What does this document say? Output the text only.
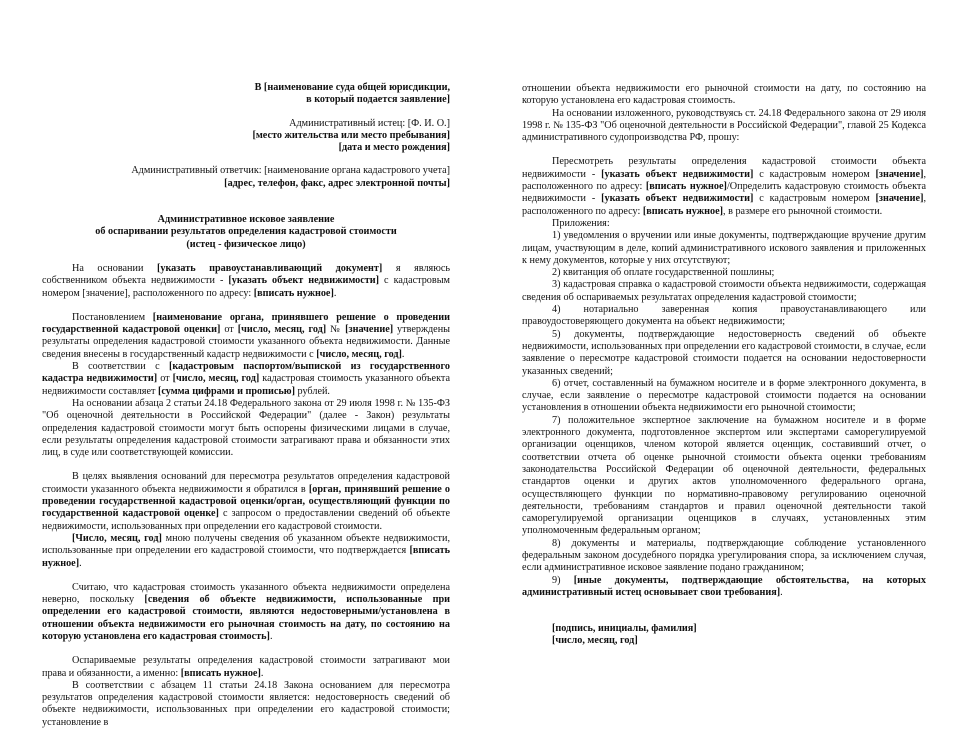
В [наименование суда общей юрисдикции,

в который подается заявление]

Административный истец: [Ф. И. О.]

[место жительства или место пребывания]

[дата и место рождения]

Административный ответчик: [наименование органа кадастрового учета]

[адрес, телефон, факс, адрес электронной почты]

Административное исковое заявление

об оспаривании результатов определения кадастровой стоимости

(истец - физическое лицо)

На основании [указать правоустанавливающий документ] я являюсь собственником объекта недвижимости - [указать объект недвижимости] с кадастровым номером [значение], расположенного по адресу: [вписать нужное].

Постановлением [наименование органа, принявшего решение о проведении государственной кадастровой оценки] от [число, месяц, год] № [значение] утверждены результаты определения кадастровой стоимости указанного объекта недвижимости. Данные сведения внесены в государственный кадастр недвижимости с [число, месяц, год].

В соответствии с [кадастровым паспортом/выпиской из государственного кадастра недвижимости] от [число, месяц, год] кадастровая стоимость указанного объекта недвижимости составляет [сумма цифрами и прописью] рублей.

На основании абзаца 2 статьи 24.18 Федерального закона от 29 июля 1998 г. № 135-ФЗ "Об оценочной деятельности в Российской Федерации" (далее - Закон) результаты определения кадастровой стоимости могут быть оспорены физическими лицами в случае, если результаты определения кадастровой стоимости затрагивают права и обязанности этих лиц, в суде или соответствующей комиссии.

В целях выявления оснований для пересмотра результатов определения кадастровой стоимости указанного объекта недвижимости я обратился в [орган, принявший решение о проведении государственной кадастровой оценки/орган, осуществляющий функции по государственной кадастровой оценке] с запросом о предоставлении сведений об объекте недвижимости, использованных при определении его кадастровой стоимости.

[Число, месяц, год] мною получены сведения об указанном объекте недвижимости, использованные при определении его кадастровой стоимости, что подтверждается [вписать нужное].

Считаю, что кадастровая стоимость указанного объекта недвижимости определена неверно, поскольку [сведения об объекте недвижимости, использованные при определении его кадастровой стоимости, являются недостоверными/установлена в отношении объекта недвижимости его рыночная стоимость на дату, по состоянию на которую установлена его кадастровая стоимость].

Оспариваемые результаты определения кадастровой стоимости затрагивают мои права и обязанности, а именно: [вписать нужное].

В соответствии с абзацем 11 статьи 24.18 Закона основанием для пересмотра результатов определения кадастровой стоимости является: недостоверность сведений об объекте недвижимости, использованных при определении его кадастровой стоимости; установление в

отношении объекта недвижимости его рыночной стоимости на дату, по состоянию на которую установлена его кадастровая стоимость.

На основании изложенного, руководствуясь ст. 24.18 Федерального закона от 29 июля 1998 г. № 135-ФЗ "Об оценочной деятельности в Российской Федерации", главой 25 Кодекса административного судопроизводства РФ, прошу:

Пересмотреть результаты определения кадастровой стоимости объекта недвижимости - [указать объект недвижимости] с кадастровым номером [значение], расположенного по адресу: [вписать нужное]/Определить кадастровую стоимость объекта недвижимости - [указать объект недвижимости] с кадастровым номером [значение], расположенного по адресу: [вписать нужное], в размере его рыночной стоимости.

Приложения:

1) уведомления о вручении или иные документы, подтверждающие вручение другим лицам, участвующим в деле, копий административного искового заявления и приложенных к нему документов, которые у них отсутствуют;

2) квитанция об оплате государственной пошлины;

3) кадастровая справка о кадастровой стоимости объекта недвижимости, содержащая сведения об оспариваемых результатах определения кадастровой стоимости;

4) нотариально заверенная копия правоустанавливающего или правоудостоверяющего документа на объект недвижимости;

5) документы, подтверждающие недостоверность сведений об объекте недвижимости, использованных при определении его кадастровой стоимости, в случае, если заявление о пересмотре кадастровой стоимости подается на основании недостоверности указанных сведений;

6) отчет, составленный на бумажном носителе и в форме электронного документа, в случае, если заявление о пересмотре кадастровой стоимости подается на основании установления в отношении объекта недвижимости его рыночной стоимости;

7) положительное экспертное заключение на бумажном носителе и в форме электронного документа, подготовленное экспертом или экспертами саморегулируемой организации оценщиков, членом которой является оценщик, составивший отчет, о соответствии отчета об оценке рыночной стоимости объекта оценки требованиям законодательства Российской Федерации об оценочной деятельности, федеральных стандартов оценки и других актов уполномоченного федерального органа, осуществляющего функции по нормативно-правовому регулированию оценочной деятельности, требованиям стандартов и правил оценочной деятельности такой саморегулируемой организации оценщиков в случаях, установленных этим уполномоченным федеральным органом;

8) документы и материалы, подтверждающие соблюдение установленного федеральным законом досудебного порядка урегулирования спора, за исключением случая, если административное исковое заявление подано гражданином;

9) [иные документы, подтверждающие обстоятельства, на которых административный истец основывает свои требования].

[подпись, инициалы, фамилия]

[число, месяц, год]
